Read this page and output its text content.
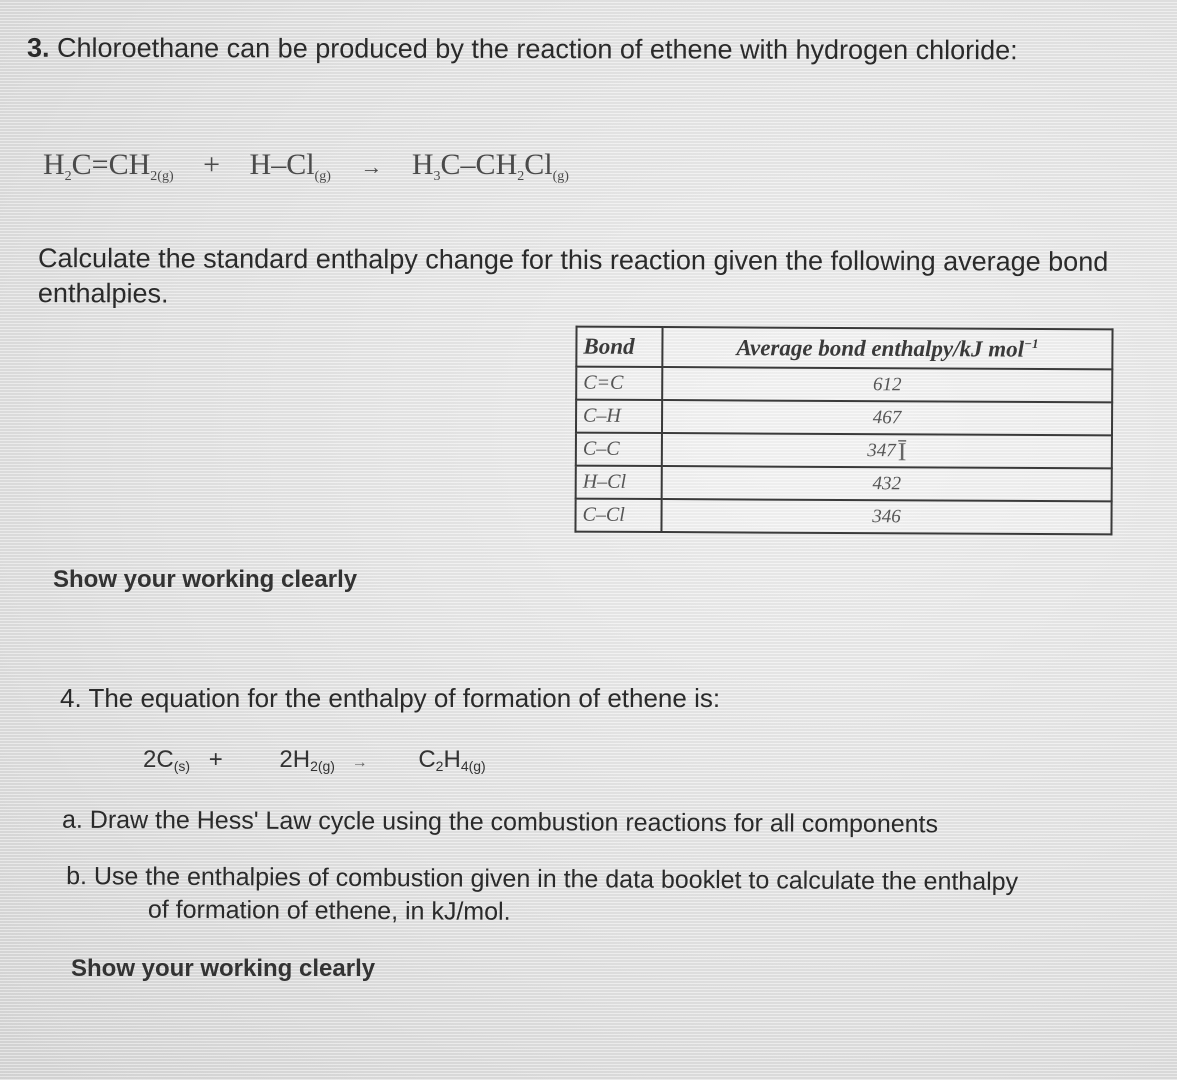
3. Chloroethane can be produced by the reaction of ethene with hydrogen chloride:
$H_2C=CH_{2(g)} + H-Cl_{(g)} \to H_3C-CH_2Cl_{(g)}$
Calculate the standard enthalpy change for this reaction given the following average bond enthalpies.
Bond	Average bond enthalpy/kJ mol$^{-1}$
C=C	612
C–H	467
C–C	347Ī
H–Cl	432
C–Cl	346
Show your working clearly
4. The equation for the enthalpy of formation of ethene is:
$2C_{(s)} + 2H_{2(g)} \to C_2H_{4(g)}$
a. Draw the Hess' Law cycle using the combustion reactions for all components
b. Use the enthalpies of combustion given in the data booklet to calculate the enthalpy
of formation of ethene, in kJ/mol.
Show your working clearly
